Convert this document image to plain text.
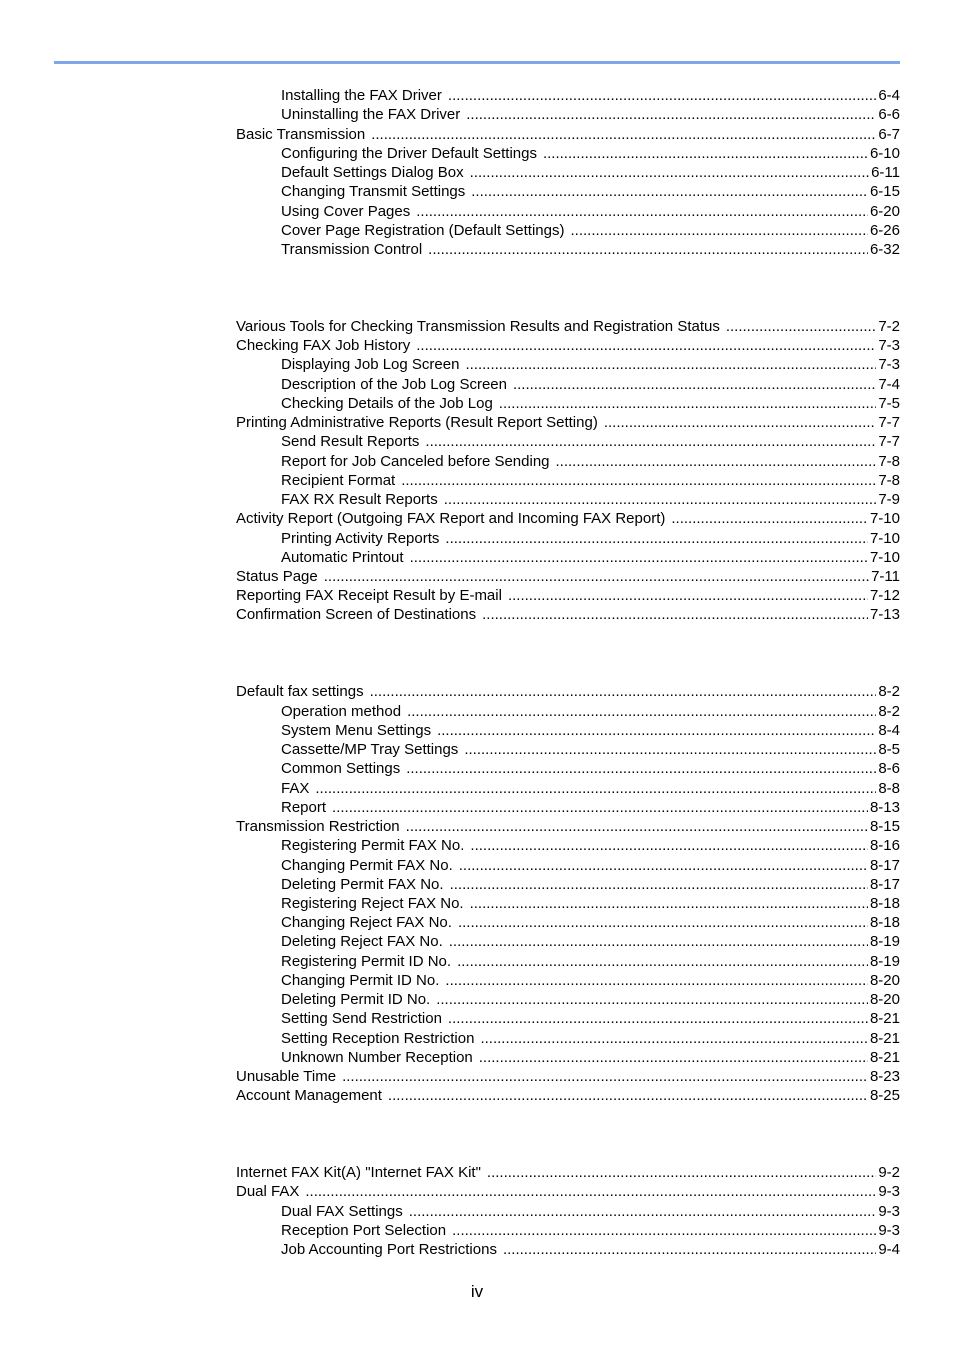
Installing the FAX Driver .....	6-4
Uninstalling the FAX Driver .....	6-6
Basic Transmission .....	6-7
Configuring the Driver Default Settings .....	6-10
Default Settings Dialog Box .....	6-11
Changing Transmit Settings .....	6-15
Using Cover Pages .....	6-20
Cover Page Registration (Default Settings) .....	6-26
Transmission Control .....	6-32
Various Tools for Checking Transmission Results and Registration Status .....	7-2
Checking FAX Job History .....	7-3
Displaying Job Log Screen .....	7-3
Description of the Job Log Screen .....	7-4
Checking Details of the Job Log .....	7-5
Printing Administrative Reports (Result Report Setting) .....	7-7
Send Result Reports .....	7-7
Report for Job Canceled before Sending .....	7-8
Recipient Format .....	7-8
FAX RX Result Reports .....	7-9
Activity Report (Outgoing FAX Report and Incoming FAX Report) .....	7-10
Printing Activity Reports .....	7-10
Automatic Printout .....	7-10
Status Page .....	7-11
Reporting FAX Receipt Result by E-mail .....	7-12
Confirmation Screen of Destinations .....	7-13
Default fax settings .....	8-2
Operation method .....	8-2
System Menu Settings .....	8-4
Cassette/MP Tray Settings .....	8-5
Common Settings .....	8-6
FAX .....	8-8
Report .....	8-13
Transmission Restriction .....	8-15
Registering Permit FAX No. .....	8-16
Changing Permit FAX No. .....	8-17
Deleting Permit FAX No. .....	8-17
Registering Reject FAX No. .....	8-18
Changing Reject FAX No. .....	8-18
Deleting Reject FAX No. .....	8-19
Registering Permit ID No. .....	8-19
Changing Permit ID No. .....	8-20
Deleting Permit ID No. .....	8-20
Setting Send Restriction .....	8-21
Setting Reception Restriction .....	8-21
Unknown Number Reception .....	8-21
Unusable Time .....	8-23
Account Management .....	8-25
Internet FAX Kit(A) "Internet FAX Kit" .....	9-2
Dual FAX .....	9-3
Dual FAX Settings .....	9-3
Reception Port Selection .....	9-3
Job Accounting Port Restrictions .....	9-4
iv
